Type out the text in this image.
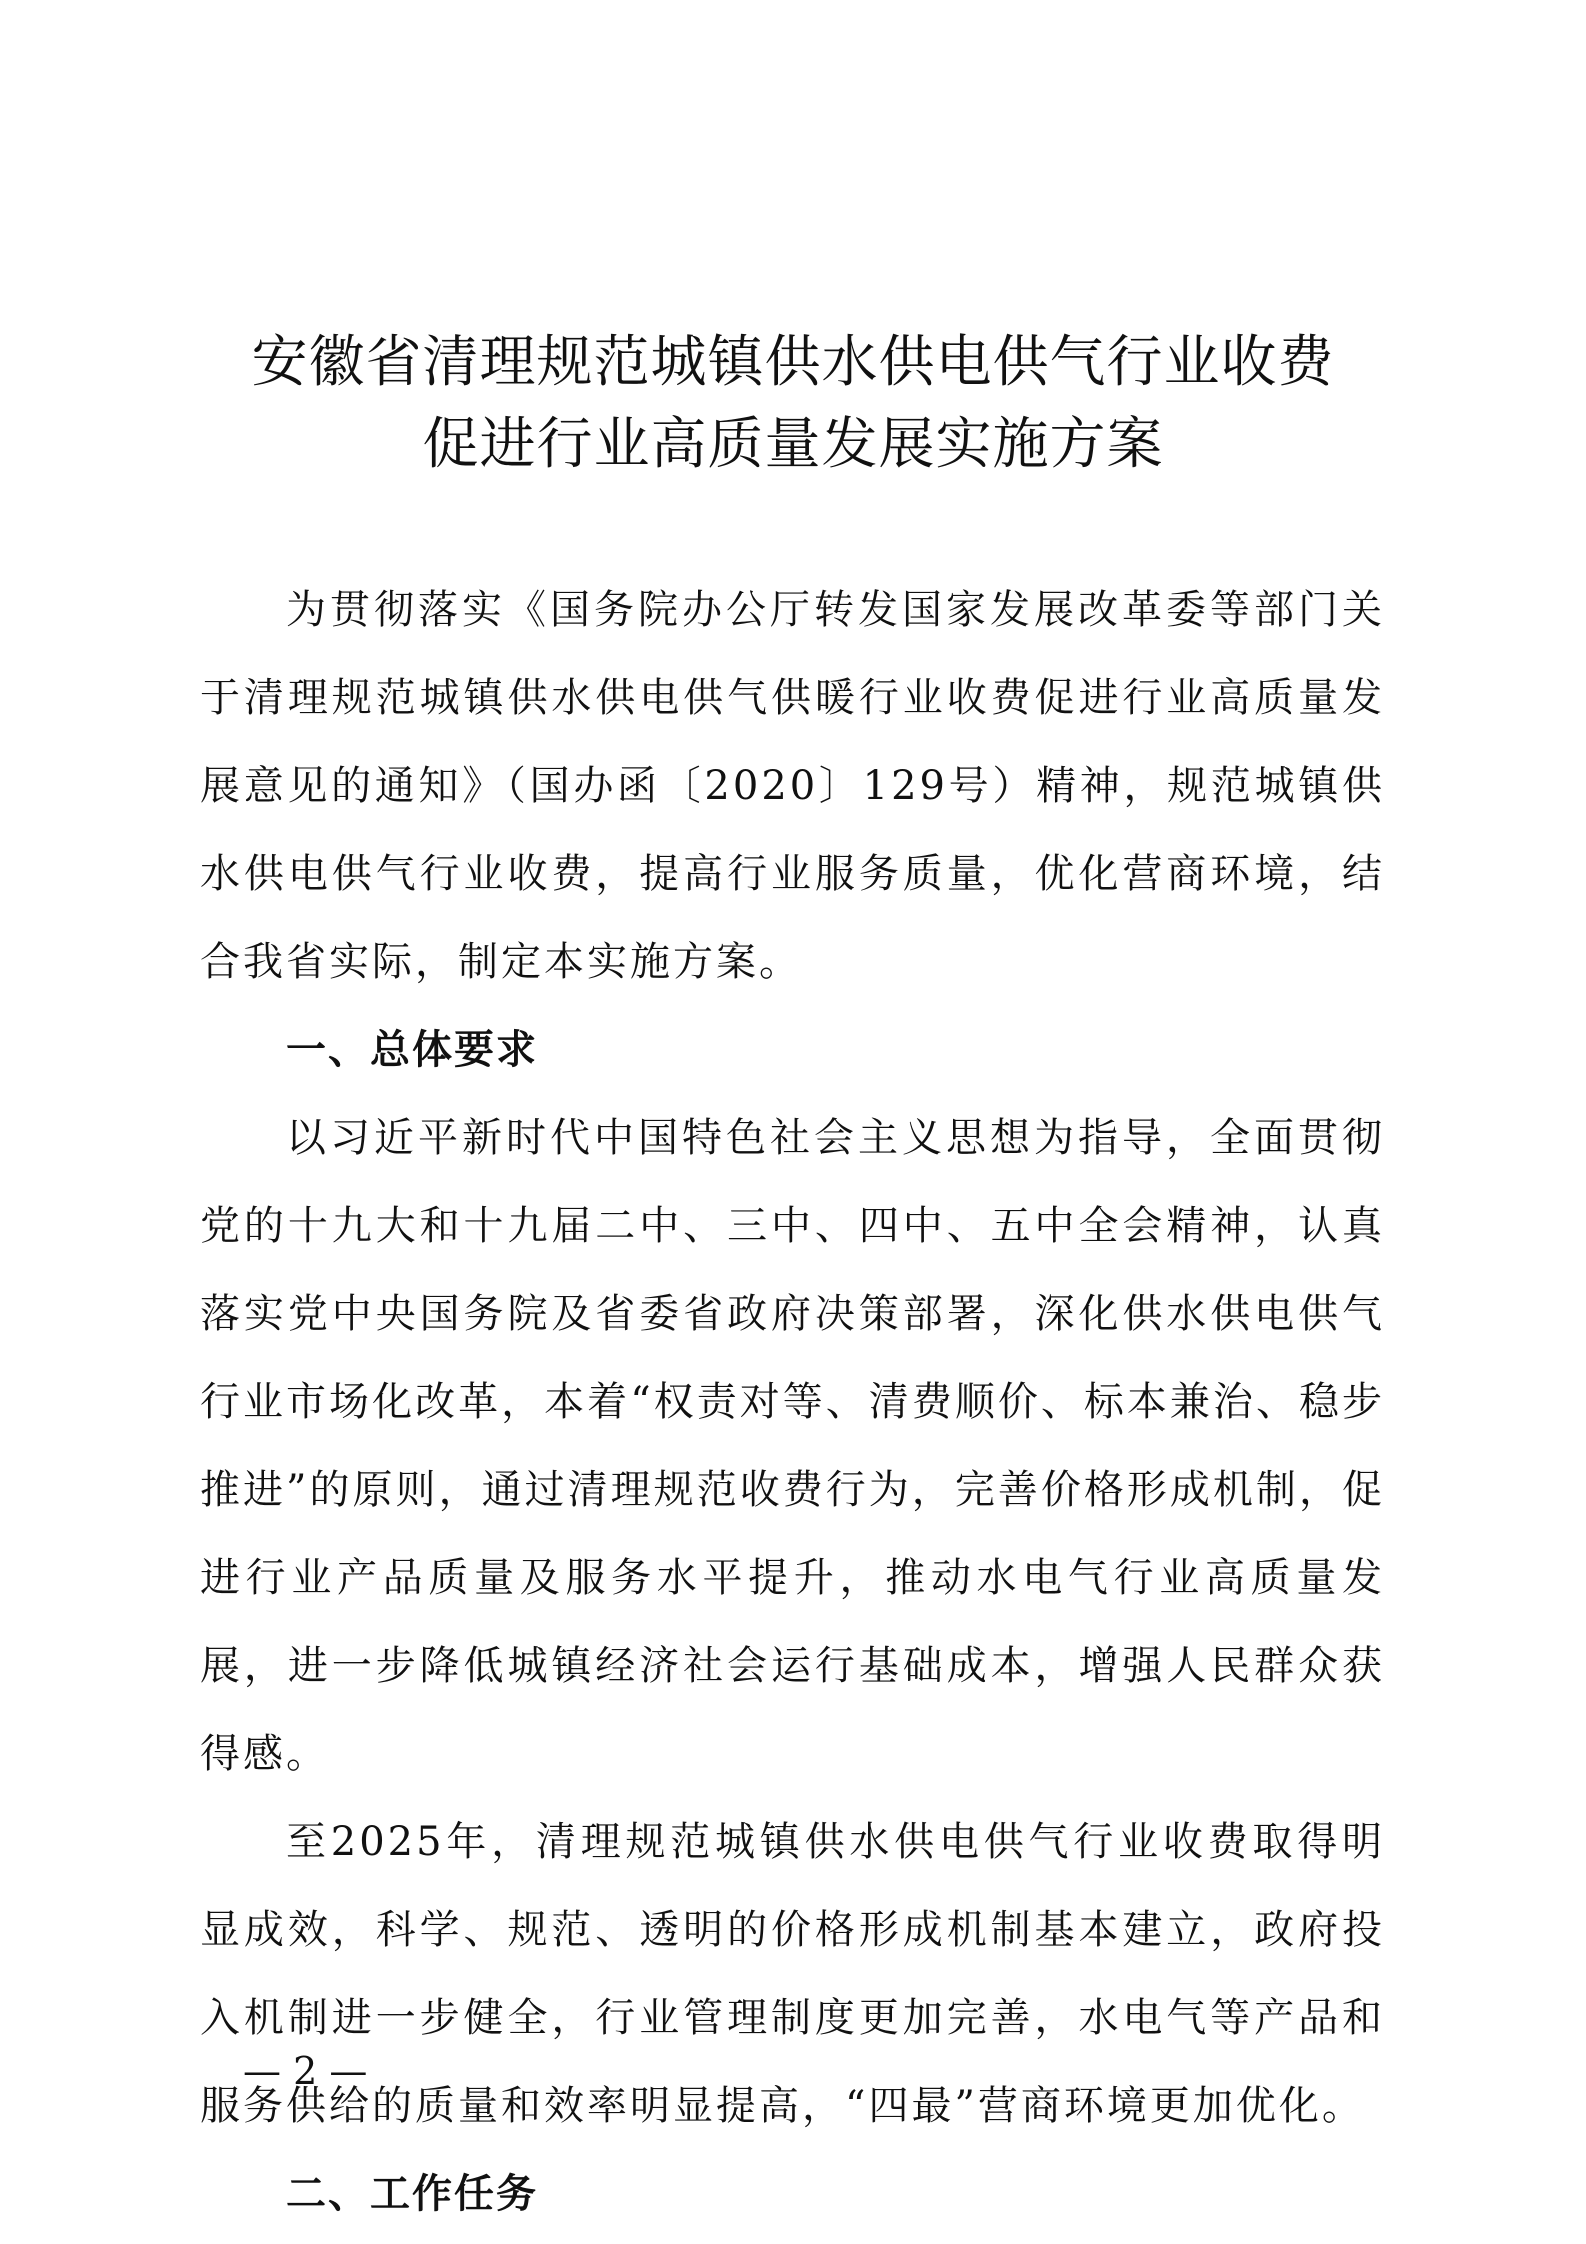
安徽省清理规范城镇供水供电供气行业收费
促进行业高质量发展实施方案

为贯彻落实《国务院办公厅转发国家发展改革委等部门关于清理规范城镇供水供电供气供暖行业收费促进行业高质量发展意见的通知》（国办函〔2020〕129号）精神，规范城镇供水供电供气行业收费，提高行业服务质量，优化营商环境，结合我省实际，制定本实施方案。

一、总体要求

以习近平新时代中国特色社会主义思想为指导，全面贯彻党的十九大和十九届二中、三中、四中、五中全会精神，认真落实党中央国务院及省委省政府决策部署，深化供水供电供气行业市场化改革，本着“权责对等、清费顺价、标本兼治、稳步推进”的原则，通过清理规范收费行为，完善价格形成机制，促进行业产品质量及服务水平提升，推动水电气行业高质量发展，进一步降低城镇经济社会运行基础成本，增强人民群众获得感。

至2025年，清理规范城镇供水供电供气行业收费取得明显成效，科学、规范、透明的价格形成机制基本建立，政府投入机制进一步健全，行业管理制度更加完善，水电气等产品和服务供给的质量和效率明显提高，“四最”营商环境更加优化。

二、工作任务

— 2 —
